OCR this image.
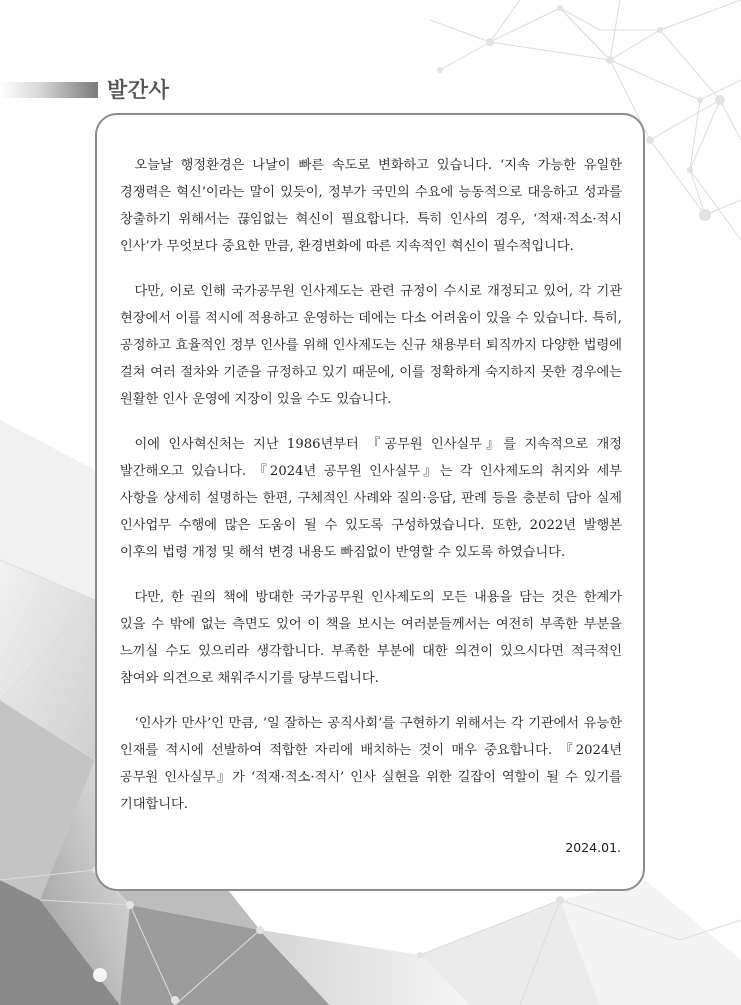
발간사

오늘날 행정환경은 나날이 빠른 속도로 변화하고 있습니다. ‘지속 가능한 유일한 경쟁력은 혁신’이라는 말이 있듯이, 정부가 국민의 수요에 능동적으로 대응하고 성과를 창출하기 위해서는 끊임없는 혁신이 필요합니다. 특히 인사의 경우, ‘적재·적소·적시 인사’가 무엇보다 중요한 만큼, 환경변화에 따른 지속적인 혁신이 필수적입니다.

다만, 이로 인해 국가공무원 인사제도는 관련 규정이 수시로 개정되고 있어, 각 기관 현장에서 이를 적시에 적용하고 운영하는 데에는 다소 어려움이 있을 수 있습니다. 특히, 공정하고 효율적인 정부 인사를 위해 인사제도는 신규 채용부터 퇴직까지 다양한 법령에 걸쳐 여러 절차와 기준을 규정하고 있기 때문에, 이를 정확하게 숙지하지 못한 경우에는 원활한 인사 운영에 지장이 있을 수도 있습니다.

이에 인사혁신처는 지난 1986년부터 『공무원 인사실무』를 지속적으로 개정 발간해오고 있습니다. 『2024년 공무원 인사실무』는 각 인사제도의 취지와 세부 사항을 상세히 설명하는 한편, 구체적인 사례와 질의·응답, 판례 등을 충분히 담아 실제 인사업무 수행에 많은 도움이 될 수 있도록 구성하였습니다. 또한, 2022년 발행본 이후의 법령 개정 및 해석 변경 내용도 빠짐없이 반영할 수 있도록 하였습니다.

다만, 한 권의 책에 방대한 국가공무원 인사제도의 모든 내용을 담는 것은 한계가 있을 수 밖에 없는 측면도 있어 이 책을 보시는 여러분들께서는 여전히 부족한 부분을 느끼실 수도 있으리라 생각합니다. 부족한 부분에 대한 의견이 있으시다면 적극적인 참여와 의견으로 채워주시기를 당부드립니다.

‘인사가 만사’인 만큼, ‘일 잘하는 공직사회’를 구현하기 위해서는 각 기관에서 유능한 인재를 적시에 선발하여 적합한 자리에 배치하는 것이 매우 중요합니다. 『2024년 공무원 인사실무』가 ‘적재·적소·적시’ 인사 실현을 위한 길잡이 역할이 될 수 있기를 기대합니다.

2024.01.
